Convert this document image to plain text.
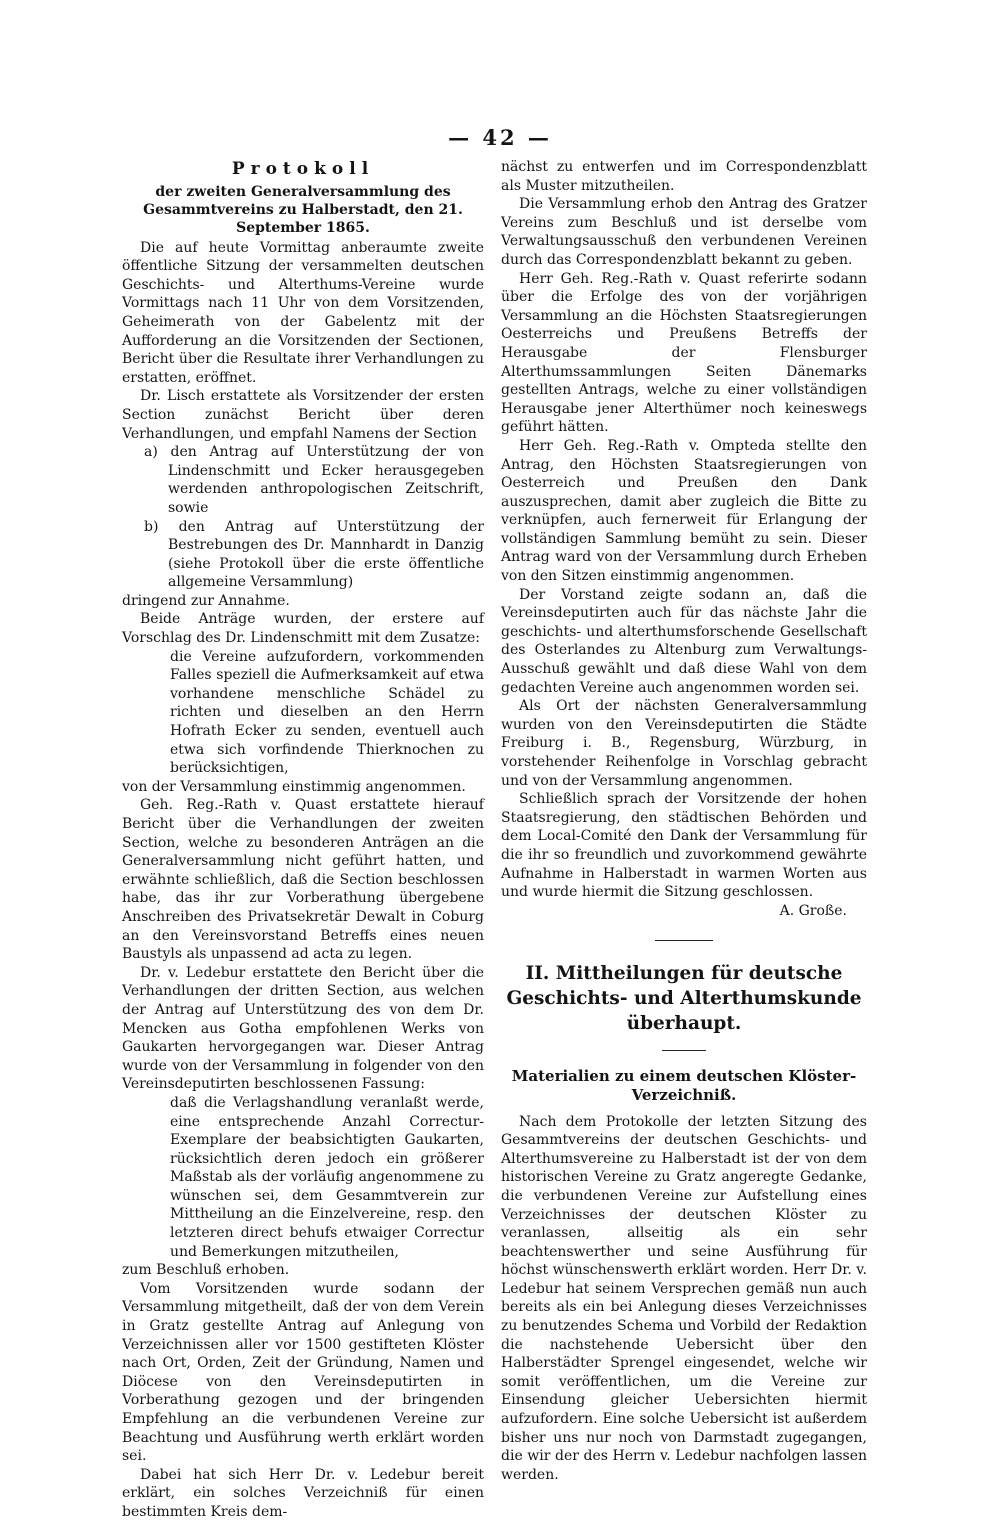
— 42 —
Protokoll
der zweiten Generalversammlung des Gesammtvereins zu Halberstadt, den 21. September 1865.

Die auf heute Vormittag anberaumte zweite öffentliche Sitzung der versammelten deutschen Geschichts- und Alterthums-Vereine wurde Vormittags nach 11 Uhr von dem Vorsitzenden, Geheimerath von der Gabelentz mit der Aufforderung an die Vorsitzenden der Sectionen, Bericht über die Resultate ihrer Verhandlungen zu erstatten, eröffnet.

Dr. Lisch erstattete als Vorsitzender der ersten Section zunächst Bericht über deren Verhandlungen, und empfahl Namens der Section

a) den Antrag auf Unterstützung der von Lindenschmitt und Ecker herausgegeben werdenden anthropologischen Zeitschrift, sowie

b) den Antrag auf Unterstützung der Bestrebungen des Dr. Mannhardt in Danzig (siehe Protokoll über die erste öffentliche allgemeine Versammlung)

dringend zur Annahme.

Beide Anträge wurden, der erstere auf Vorschlag des Dr. Lindenschmitt mit dem Zusatze:

die Vereine aufzufordern, vorkommenden Falles speziell die Aufmerksamkeit auf etwa vorhandene menschliche Schädel zu richten und dieselben an den Herrn Hofrath Ecker zu senden, eventuell auch etwa sich vorfindende Thierknochen zu berücksichtigen,

von der Versammlung einstimmig angenommen.

Geh. Reg.-Rath v. Quast erstattete hierauf Bericht über die Verhandlungen der zweiten Section, welche zu besonderen Anträgen an die Generalversammlung nicht geführt hatten, und erwähnte schließlich, daß die Section beschlossen habe, das ihr zur Vorberathung übergebene Anschreiben des Privatsekretär Dewalt in Coburg an den Vereinsvorstand Betreffs eines neuen Baustyls als unpassend ad acta zu legen.

Dr. v. Ledebur erstattete den Bericht über die Verhandlungen der dritten Section, aus welchen der Antrag auf Unterstützung des von dem Dr. Mencken aus Gotha empfohlenen Werks von Gaukarten hervorgegangen war. Dieser Antrag wurde von der Versammlung in folgender von den Vereinsdeputirten beschlossenen Fassung:

daß die Verlagshandlung veranlaßt werde, eine entsprechende Anzahl Correctur-Exemplare der beabsichtigten Gaukarten, rücksichtlich deren jedoch ein größerer Maßstab als der vorläufig angenommene zu wünschen sei, dem Gesammtverein zur Mittheilung an die Einzelvereine, resp. den letzteren direct behufs etwaiger Correctur und Bemerkungen mitzutheilen,

zum Beschluß erhoben.

Vom Vorsitzenden wurde sodann der Versammlung mitgetheilt, daß der von dem Verein in Gratz gestellte Antrag auf Anlegung von Verzeichnissen aller vor 1500 gestifteten Klöster nach Ort, Orden, Zeit der Gründung, Namen und Diöcese von den Vereinsdeputirten in Vorberathung gezogen und der bringenden Empfehlung an die verbundenen Vereine zur Beachtung und Ausführung werth erklärt worden sei.

Dabei hat sich Herr Dr. v. Ledebur bereit erklärt, ein solches Verzeichniß für einen bestimmten Kreis dem-

nächst zu entwerfen und im Correspondenzblatt als Muster mitzutheilen.

Die Versammlung erhob den Antrag des Gratzer Vereins zum Beschluß und ist derselbe vom Verwaltungsausschuß den verbundenen Vereinen durch das Correspondenzblatt bekannt zu geben.

Herr Geh. Reg.-Rath v. Quast referirte sodann über die Erfolge des von der vorjährigen Versammlung an die Höchsten Staatsregierungen Oesterreichs und Preußens Betreffs der Herausgabe der Flensburger Alterthumssammlungen Seiten Dänemarks gestellten Antrags, welche zu einer vollständigen Herausgabe jener Alterthümer noch keineswegs geführt hätten.

Herr Geh. Reg.-Rath v. Ompteda stellte den Antrag, den Höchsten Staatsregierungen von Oesterreich und Preußen den Dank auszusprechen, damit aber zugleich die Bitte zu verknüpfen, auch fernerweit für Erlangung der vollständigen Sammlung bemüht zu sein. Dieser Antrag ward von der Versammlung durch Erheben von den Sitzen einstimmig angenommen.

Der Vorstand zeigte sodann an, daß die Vereinsdeputirten auch für das nächste Jahr die geschichts- und alterthumsforschende Gesellschaft des Osterlandes zu Altenburg zum Verwaltungs-Ausschuß gewählt und daß diese Wahl von dem gedachten Vereine auch angenommen worden sei.

Als Ort der nächsten Generalversammlung wurden von den Vereinsdeputirten die Städte Freiburg i. B., Regensburg, Würzburg, in vorstehender Reihenfolge in Vorschlag gebracht und von der Versammlung angenommen.

Schließlich sprach der Vorsitzende der hohen Staatsregierung, den städtischen Behörden und dem Local-Comité den Dank der Versammlung für die ihr so freundlich und zuvorkommend gewährte Aufnahme in Halberstadt in warmen Worten aus und wurde hiermit die Sitzung geschlossen.

A. Große.

II. Mittheilungen für deutsche Geschichts- und Alterthumskunde überhaupt.
Materialien zu einem deutschen Klöster-Verzeichniß.

Nach dem Protokolle der letzten Sitzung des Gesammtvereins der deutschen Geschichts- und Alterthumsvereine zu Halberstadt ist der von dem historischen Vereine zu Gratz angeregte Gedanke, die verbundenen Vereine zur Aufstellung eines Verzeichnisses der deutschen Klöster zu veranlassen, allseitig als ein sehr beachtenswerther und seine Ausführung für höchst wünschenswerth erklärt worden. Herr Dr. v. Ledebur hat seinem Versprechen gemäß nun auch bereits als ein bei Anlegung dieses Verzeichnisses zu benutzendes Schema und Vorbild der Redaktion die nachstehende Uebersicht über den Halberstädter Sprengel eingesendet, welche wir somit veröffentlichen, um die Vereine zur Einsendung gleicher Uebersichten hiermit aufzufordern. Eine solche Uebersicht ist außerdem bisher uns nur noch von Darmstadt zugegangen, die wir der des Herrn v. Ledebur nachfolgen lassen werden.
